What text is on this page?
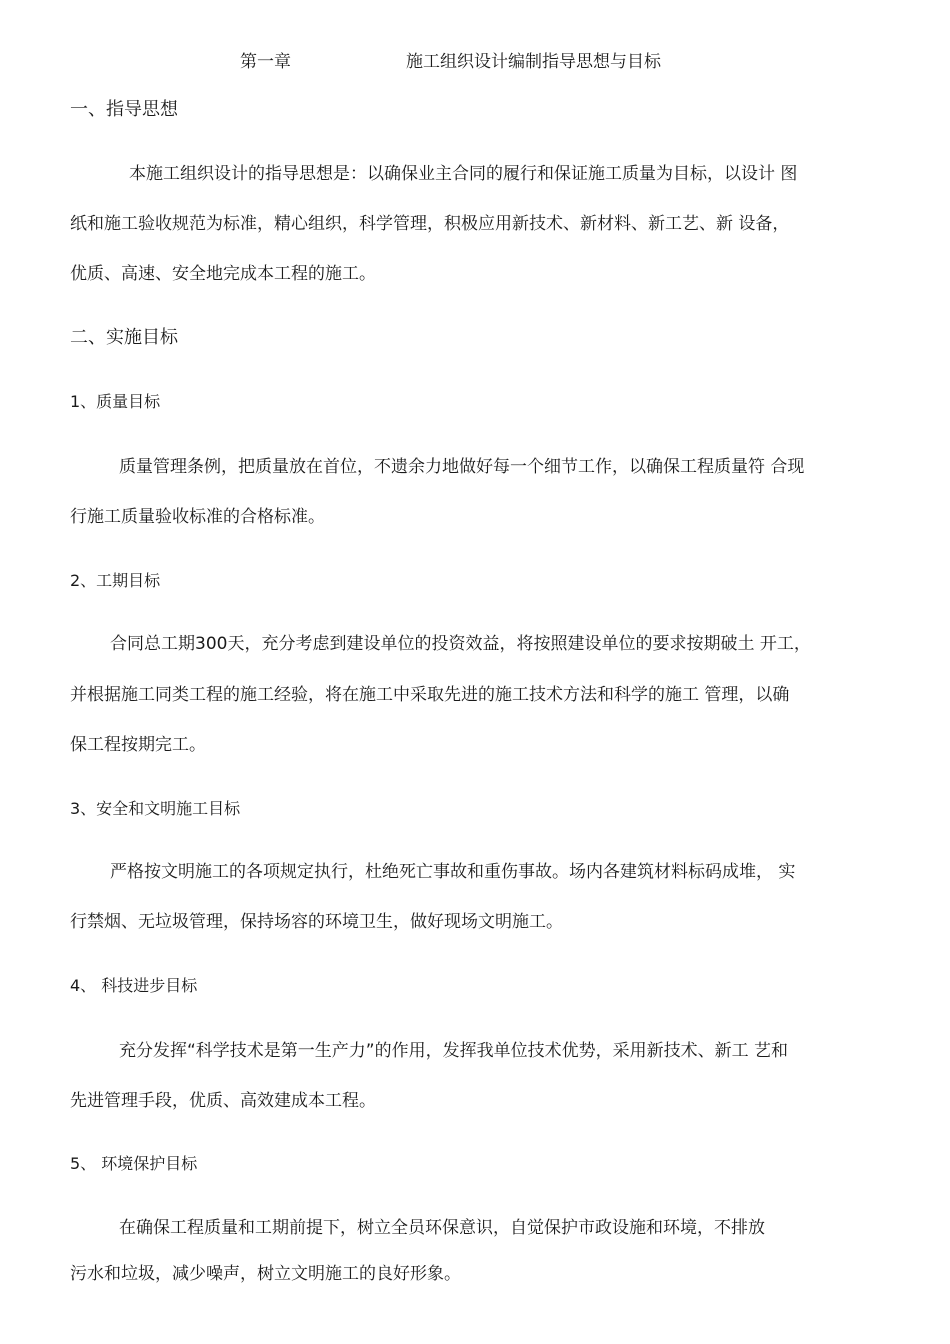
第一章	施工组织设计编制指导思想与目标
一、指导思想
本施工组织设计的指导思想是：以确保业主合同的履行和保证施工质量为目标，以设计 图
纸和施工验收规范为标准，精心组织，科学管理，积极应用新技术、新材料、新工艺、新 设备，
优质、高速、安全地完成本工程的施工。
二、实施目标
1、质量目标
质量管理条例，把质量放在首位，不遗余力地做好每一个细节工作，以确保工程质量符 合现
行施工质量验收标准的合格标准。
2、工期目标
合同总工期300天，充分考虑到建设单位的投资效益，将按照建设单位的要求按期破土 开工，
并根据施工同类工程的施工经验，将在施工中采取先进的施工技术方法和科学的施工 管理，以确
保工程按期完工。
3、安全和文明施工目标
严格按文明施工的各项规定执行，杜绝死亡事故和重伤事故。场内各建筑材料标码成堆， 实
行禁烟、无垃圾管理，保持场容的环境卫生，做好现场文明施工。
4、 科技进步目标
充分发挥“科学技术是第一生产力”的作用，发挥我单位技术优势，采用新技术、新工 艺和
先进管理手段，优质、高效建成本工程。
5、 环境保护目标
在确保工程质量和工期前提下，树立全员环保意识，自觉保护市政设施和环境，不排放
污水和垃圾，减少噪声，树立文明施工的良好形象。
